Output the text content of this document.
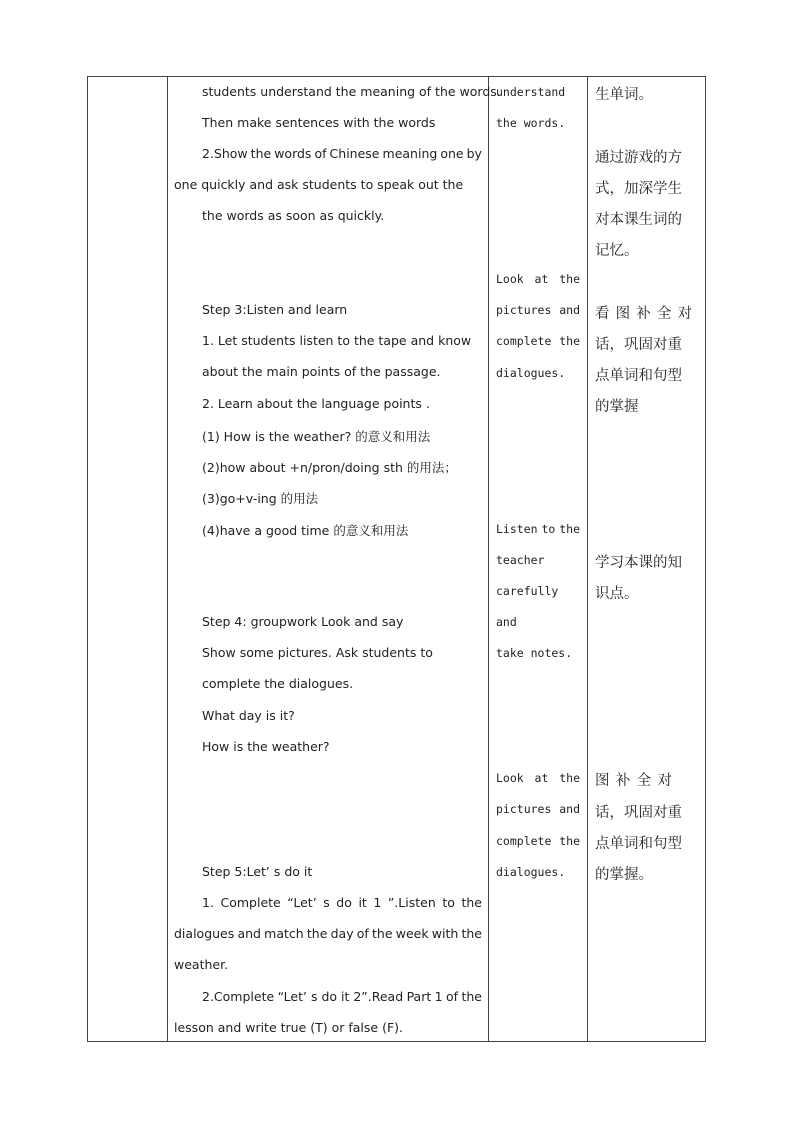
students understand the meaning of the words.
Then make sentences with the words
2.Show the words of Chinese meaning one by
one quickly and ask students to speak out the
the words as soon as quickly.
Step 3:Listen and learn
1. Let students listen to the tape and know
about the main points of the passage.
2. Learn about the language points .
(1) How is the weather? 的意义和用法
(2)how about +n/pron/doing sth 的用法；
(3)go+v-ing 的用法
(4)have a good time 的意义和用法
Step 4: groupwork Look and say
Show some pictures. Ask students to
complete the dialogues.
What day is it?
How is the weather?
Step 5:Let’ s do it
1. Complete “Let’ s do it 1 ”.Listen to the
dialogues and match the day of the week with the
weather.
2.Complete “Let’ s do it 2”.Read Part 1 of the
lesson and write true (T) or false (F).
understand
the words.
Look at the
pictures and
complete the
dialogues.
Listen to the
teacher
carefully
and
take notes.
Look at the
pictures and
complete the
dialogues.
生单词。
通过游戏的方
式，加深学生
对本课生词的
记忆。
看 图 补 全 对
话，巩固对重
点单词和句型
的掌握
学习本课的知
识点。
图 补 全 对
话，巩固对重
点单词和句型
的掌握。
